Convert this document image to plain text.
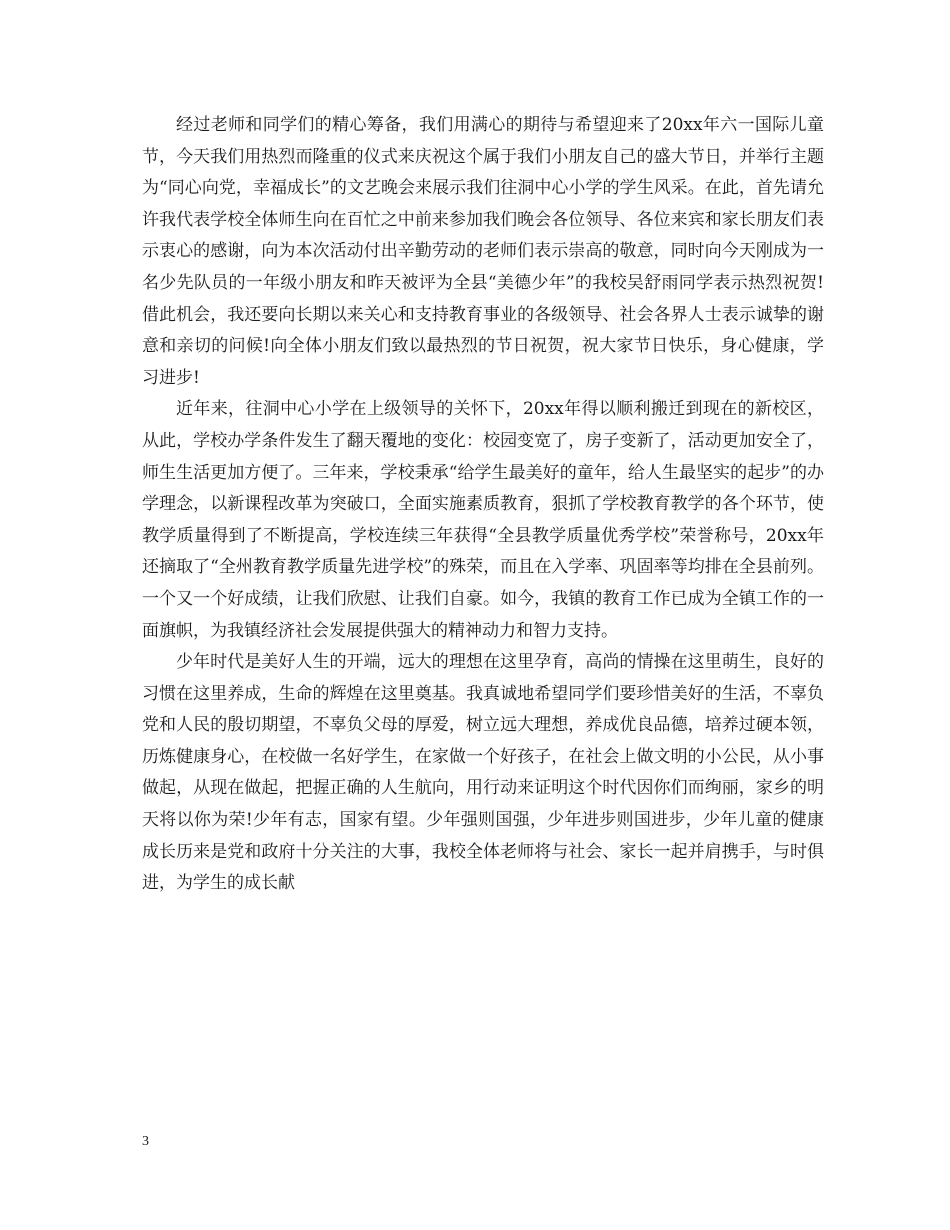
经过老师和同学们的精心筹备，我们用满心的期待与希望迎来了20xx年六一国际儿童节，今天我们用热烈而隆重的仪式来庆祝这个属于我们小朋友自己的盛大节日，并举行主题为“同心向党，幸福成长”的文艺晚会来展示我们往洞中心小学的学生风采。在此，首先请允许我代表学校全体师生向在百忙之中前来参加我们晚会各位领导、各位来宾和家长朋友们表示衷心的感谢，向为本次活动付出辛勤劳动的老师们表示崇高的敬意，同时向今天刚成为一名少先队员的一年级小朋友和昨天被评为全县“美德少年”的我校吴舒雨同学表示热烈祝贺!借此机会，我还要向长期以来关心和支持教育事业的各级领导、社会各界人士表示诚挚的谢意和亲切的问候!向全体小朋友们致以最热烈的节日祝贺，祝大家节日快乐，身心健康，学习进步!

近年来，往洞中心小学在上级领导的关怀下，20xx年得以顺利搬迁到现在的新校区，从此，学校办学条件发生了翻天覆地的变化：校园变宽了，房子变新了，活动更加安全了，师生生活更加方便了。三年来，学校秉承“给学生最美好的童年，给人生最坚实的起步”的办学理念，以新课程改革为突破口，全面实施素质教育，狠抓了学校教育教学的各个环节，使教学质量得到了不断提高，学校连续三年获得“全县教学质量优秀学校”荣誉称号，20xx年还摘取了“全州教育教学质量先进学校”的殊荣，而且在入学率、巩固率等均排在全县前列。一个又一个好成绩，让我们欣慰、让我们自豪。如今，我镇的教育工作已成为全镇工作的一面旗帜，为我镇经济社会发展提供强大的精神动力和智力支持。

少年时代是美好人生的开端，远大的理想在这里孕育，高尚的情操在这里萌生，良好的习惯在这里养成，生命的辉煌在这里奠基。我真诚地希望同学们要珍惜美好的生活，不辜负党和人民的殷切期望，不辜负父母的厚爱，树立远大理想，养成优良品德，培养过硬本领，历炼健康身心，在校做一名好学生，在家做一个好孩子，在社会上做文明的小公民，从小事做起，从现在做起，把握正确的人生航向，用行动来证明这个时代因你们而绚丽，家乡的明天将以你为荣!少年有志，国家有望。少年强则国强，少年进步则国进步，少年儿童的健康成长历来是党和政府十分关注的大事，我校全体老师将与社会、家长一起并肩携手，与时俱进，为学生的成长献

3
